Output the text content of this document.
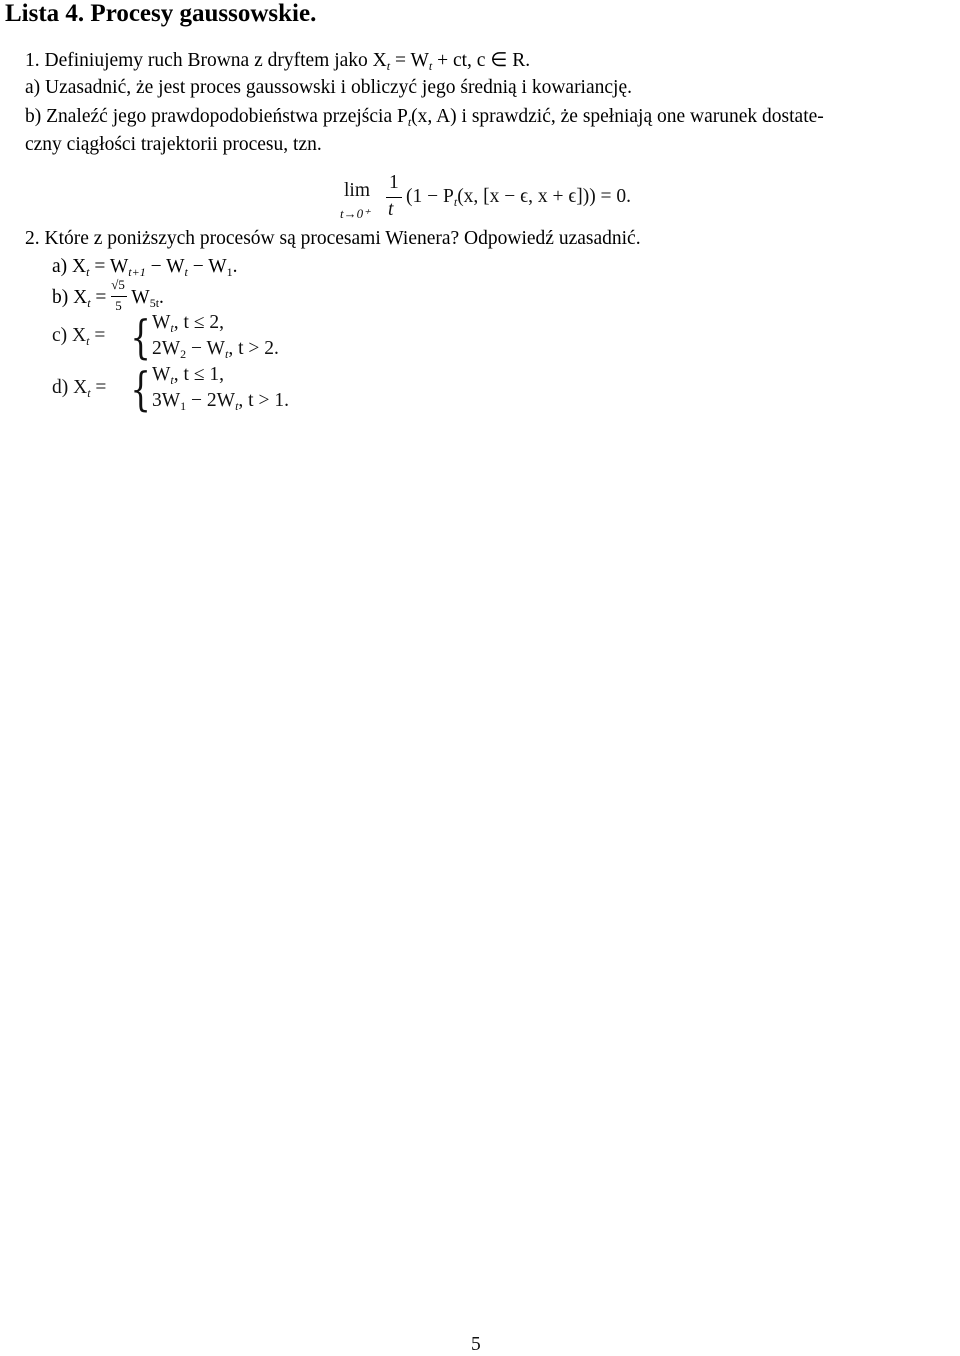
Lista 4. Procesy gaussowskie.
1. Definiujemy ruch Browna z dryftem jako $X_t = W_t$ + ct, c ∈ R.
a) Uzasadnić, że jest proces gaussowski i obliczyć jego średnią i kowariancję.
b) Znaleźć jego prawdopodobieństwa przejścia $P_t(x$, A) i sprawdzić, że spełniają one warunek dostate-
czny ciągłości trajektorii procesu, tzn.
lim
t→0⁺
1
t
($1 - P_t(x$, [x − ϵ, x + ϵ])) = 0.
2. Które z poniższych procesów są procesami Wienera? Odpowiedź uzasadnić.
a) $X_t = W_{t+1} - W_t - W_1$.
b) $X_t = \frac{√5}{5} W_{5t}$.
c) $X_t$ = { $W_t$, t ≤ 2,
$2W_2 - W_t$, t > 2.
d) $X_t$ = { $W_t$, t ≤ 1,
$3W_1 - 2W_t$, t > 1.
5
